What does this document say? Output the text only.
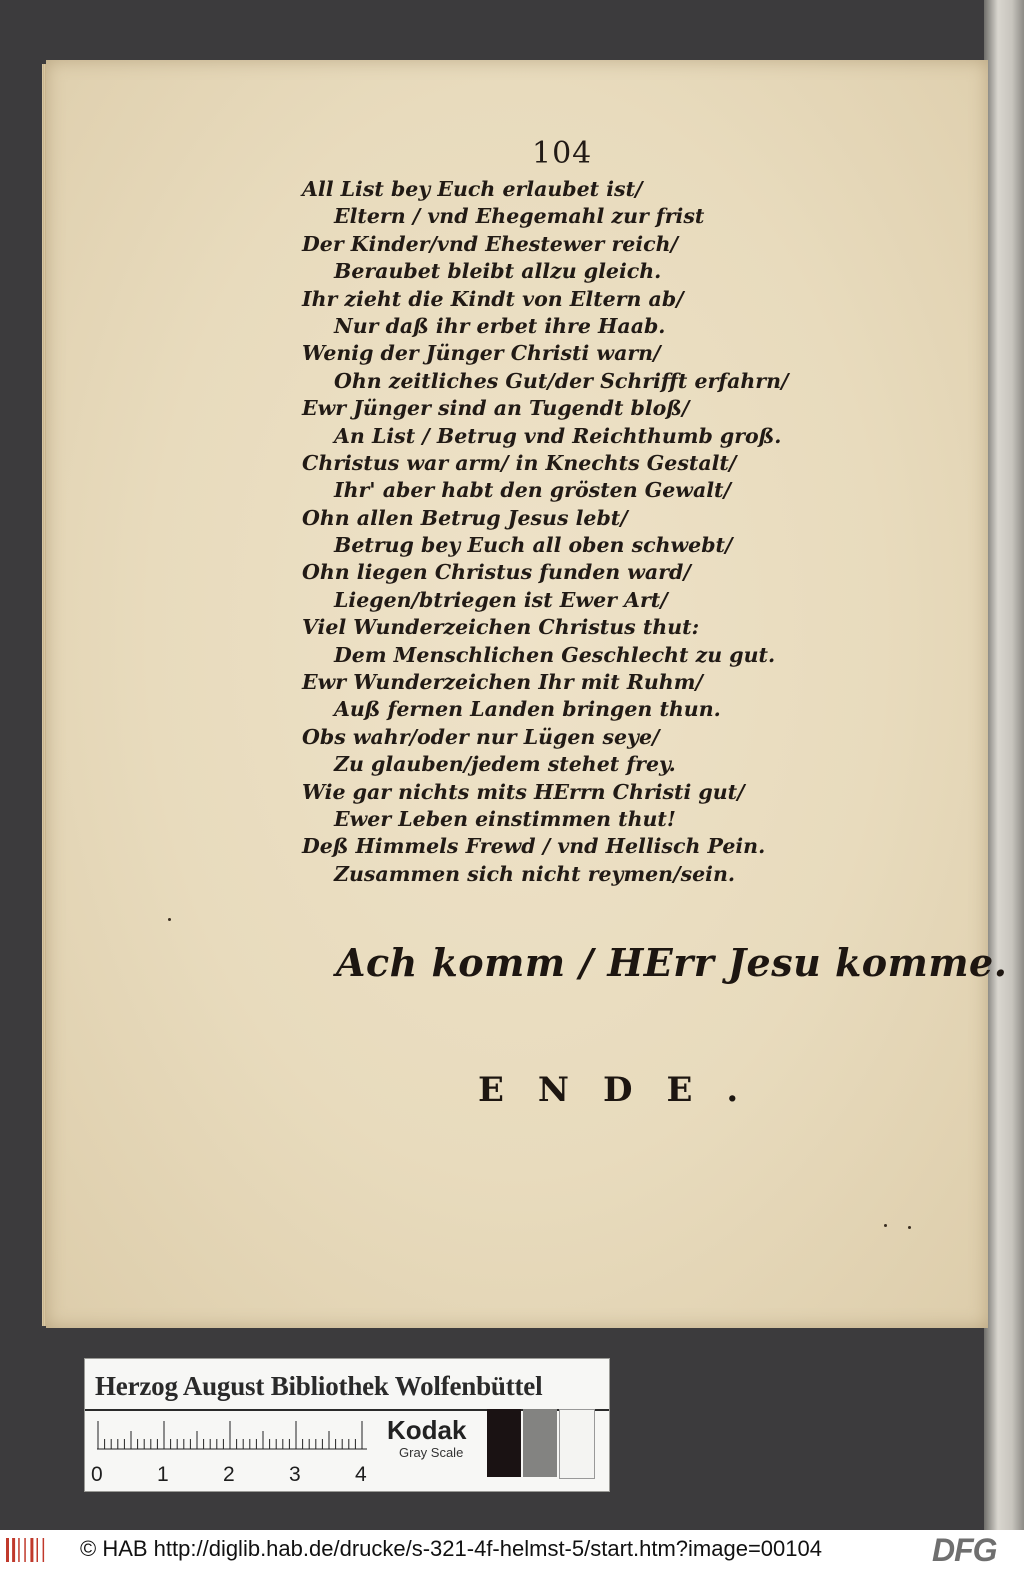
104
All List bey Euch erlaubet ist/
Eltern / vnd Ehegemahl zur frist
Der Kinder/vnd Ehestewer reich/
Beraubet bleibt allzu gleich.
Ihr zieht die Kindt von Eltern ab/
Nur daß ihr erbet ihre Haab.
Wenig der Jünger Christi warn/
Ohn zeitliches Gut/der Schrifft erfahrn/
Ewr Jünger sind an Tugendt bloß/
An List / Betrug vnd Reichthumb groß.
Christus war arm/ in Knechts Gestalt/
Ihr' aber habt den grösten Gewalt/
Ohn allen Betrug Jesus lebt/
Betrug bey Euch all oben schwebt/
Ohn liegen Christus funden ward/
Liegen/btriegen ist Ewer Art/
Viel Wunderzeichen Christus thut:
Dem Menschlichen Geschlecht zu gut.
Ewr Wunderzeichen Ihr mit Ruhm/
Auß fernen Landen bringen thun.
Obs wahr/oder nur Lügen seye/
Zu glauben/jedem stehet frey.
Wie gar nichts mits HErrn Christi gut/
Ewer Leben einstimmen thut!
Deß Himmels Frewd / vnd Hellisch Pein.
Zusammen sich nicht reymen/sein.
Ach komm / HErr Jesu komme.
ENDE.
Herzog August Bibliothek Wolfenbüttel
0	1	2	3	4
Kodak
Gray Scale
© HAB http://diglib.hab.de/drucke/s-321-4f-helmst-5/start.htm?image=00104	DFG
